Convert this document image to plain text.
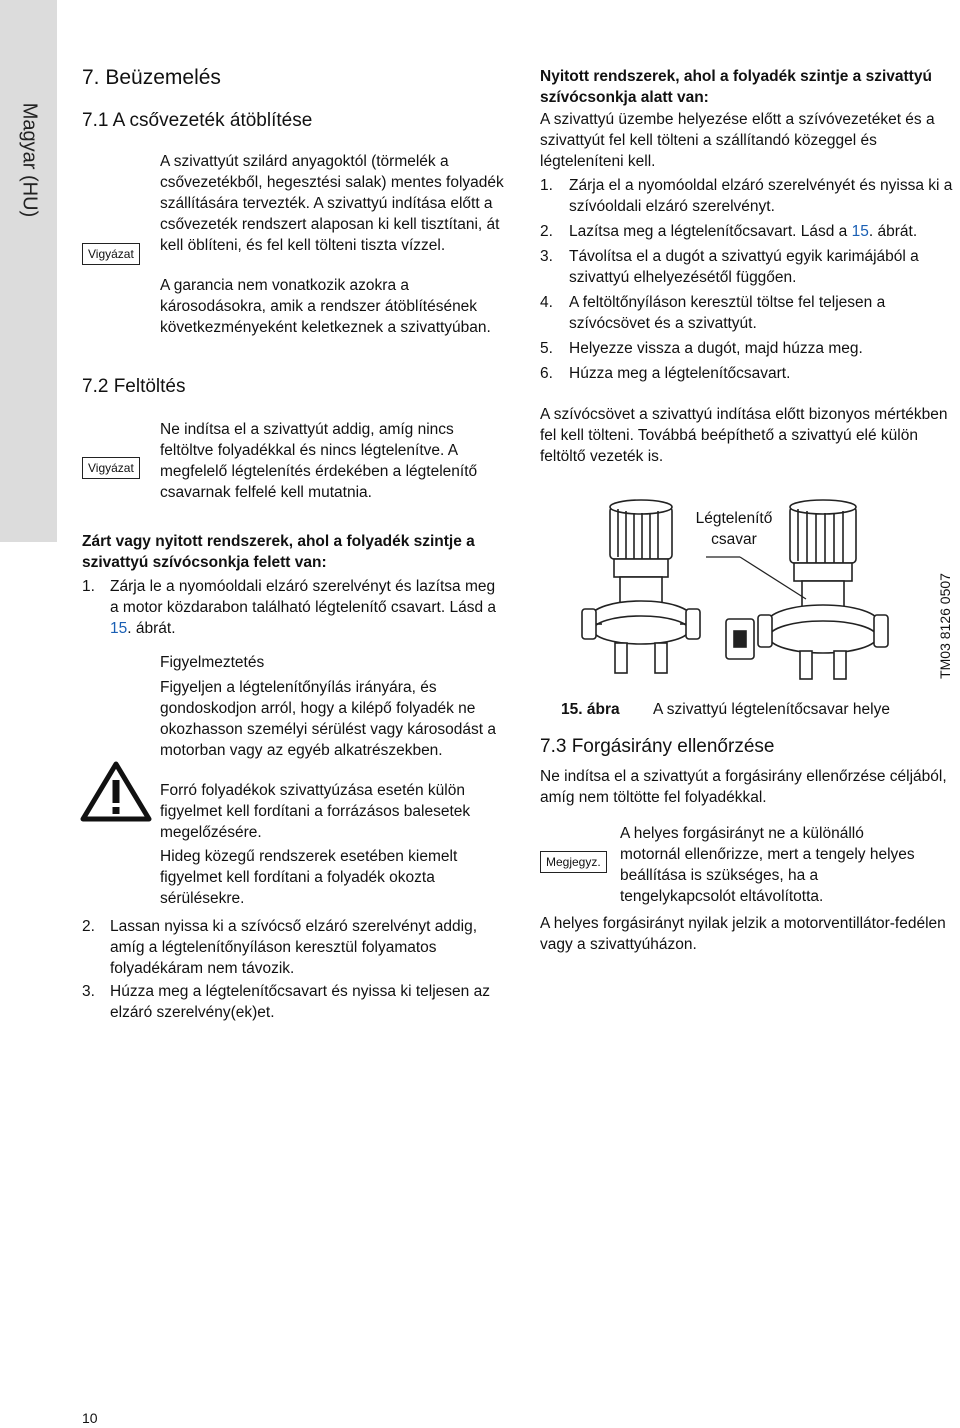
Magyar (HU)
7. Beüzemelés
7.1 A csővezeték átöblítése
Vigyázat

A szivattyút szilárd anyagoktól (törmelék a csővezetékből, hegesztési salak) mentes folyadék szállítására tervezték. A szivattyú indítása előtt a csővezeték rendszert alaposan ki kell tisztítani, át kell öblíteni, és fel kell tölteni tiszta vízzel.

A garancia nem vonatkozik azokra a károsodásokra, amik a rendszer átöblítésének következményeként keletkeznek a szivattyúban.

7.2 Feltöltés
Vigyázat

Ne indítsa el a szivattyút addig, amíg nincs feltöltve folyadékkal és nincs légtelenítve. A megfelelő légtelenítés érdekében a légtelenítő csavarnak felfelé kell mutatnia.

Zárt vagy nyitott rendszerek, ahol a folyadék szintje a szivattyú szívócsonkja felett van:

1. Zárja le a nyomóoldali elzáró szerelvényt és lazítsa meg a motor közdarabon található légtelenítő csavart. Lásd a 15. ábrát.

Figyelmeztetés

Figyeljen a légtelenítőnyílás irányára, és gondoskodjon arról, hogy a kilépő folyadék ne okozhasson személyi sérülést vagy károsodást a motorban vagy az egyéb alkatrészekben.

Forró folyadékok szivattyúzása esetén külön figyelmet kell fordítani a forrázásos balesetek megelőzésére.

Hideg közegű rendszerek esetében kiemelt figyelmet kell fordítani a folyadék okozta sérülésekre.

2. Lassan nyissa ki a szívócső elzáró szerelvényt addig, amíg a légtelenítőnyíláson keresztül folyamatos folyadékáram nem távozik.
3. Húzza meg a légtelenítőcsavart és nyissa ki teljesen az elzáró szerelvény(ek)et.

Nyitott rendszerek, ahol a folyadék szintje a szivattyú szívócsonkja alatt van:

A szivattyú üzembe helyezése előtt a szívóvezetéket és a szivattyút fel kell tölteni a szállítandó közeggel és légteleníteni kell.

1. Zárja el a nyomóoldal elzáró szerelvényét és nyissa ki a szívóoldali elzáró szerelvényt.
2. Lazítsa meg a légtelenítőcsavart. Lásd a 15. ábrát.
3. Távolítsa el a dugót a szivattyú egyik karimájából a szivattyú elhelyezésétől függően.
4. A feltöltőnyíláson keresztül töltse fel teljesen a szívócsövet és a szivattyút.
5. Helyezze vissza a dugót, majd húzza meg.
6. Húzza meg a légtelenítőcsavart.

A szívócsövet a szivattyú indítása előtt bizonyos mértékben fel kell tölteni. Továbbá beépíthető a szivattyú elé külön feltöltő vezeték is.

Légtelenítő
csavar
TM03 8126 0507
15. ábra A szivattyú légtelenítőcsavar helye
7.3 Forgásirány ellenőrzése

Ne indítsa el a szivattyút a forgásirány ellenőrzése céljából, amíg nem töltötte fel folyadékkal.

Megjegyz.

A helyes forgásirányt ne a különálló motornál ellenőrizze, mert a tengely helyes beállítása is szükséges, ha a tengelykapcsolót eltávolította.

A helyes forgásirányt nyilak jelzik a motorventillátor-fedélen vagy a szivattyúházon.

10
